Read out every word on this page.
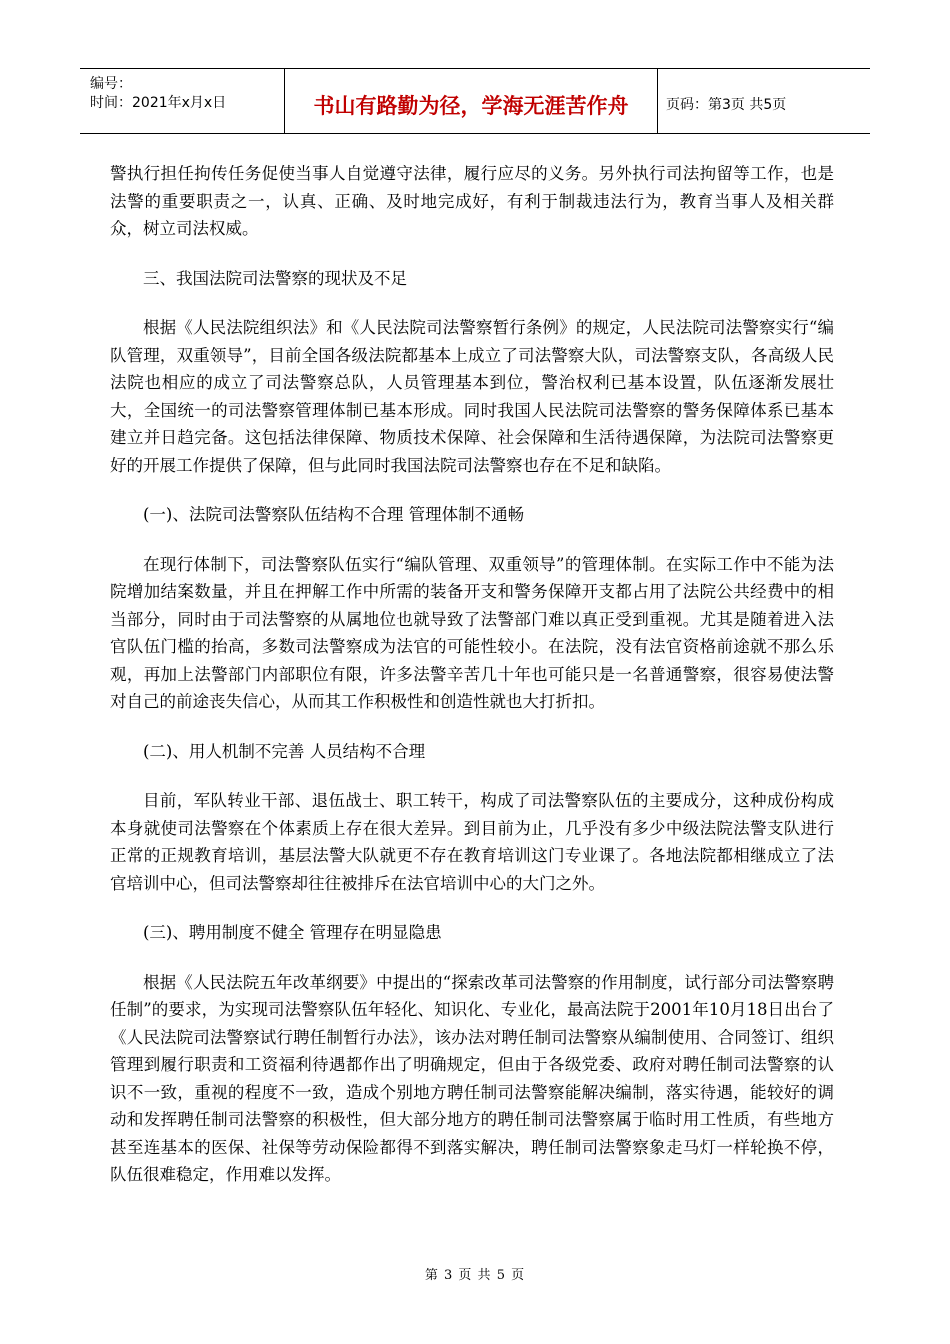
编号：
时间：2021年x月x日	书山有路勤为径，学海无涯苦作舟	页码：第3页 共5页

警执行担任拘传任务促使当事人自觉遵守法律，履行应尽的义务。另外执行司法拘留等工作，也是法警的重要职责之一，认真、正确、及时地完成好，有利于制裁违法行为，教育当事人及相关群众，树立司法权威。

三、我国法院司法警察的现状及不足

根据《人民法院组织法》和《人民法院司法警察暂行条例》的规定，人民法院司法警察实行“编队管理，双重领导”，目前全国各级法院都基本上成立了司法警察大队，司法警察支队，各高级人民法院也相应的成立了司法警察总队，人员管理基本到位，警治权利已基本设置，队伍逐渐发展壮大，全国统一的司法警察管理体制已基本形成。同时我国人民法院司法警察的警务保障体系已基本建立并日趋完备。这包括法律保障、物质技术保障、社会保障和生活待遇保障，为法院司法警察更好的开展工作提供了保障，但与此同时我国法院司法警察也存在不足和缺陷。

(一)、法院司法警察队伍结构不合理 管理体制不通畅

在现行体制下，司法警察队伍实行“编队管理、双重领导”的管理体制。在实际工作中不能为法院增加结案数量，并且在押解工作中所需的装备开支和警务保障开支都占用了法院公共经费中的相当部分，同时由于司法警察的从属地位也就导致了法警部门难以真正受到重视。尤其是随着进入法官队伍门槛的抬高，多数司法警察成为法官的可能性较小。在法院，没有法官资格前途就不那么乐观，再加上法警部门内部职位有限，许多法警辛苦几十年也可能只是一名普通警察，很容易使法警对自己的前途丧失信心，从而其工作积极性和创造性就也大打折扣。

(二)、用人机制不完善 人员结构不合理

目前，军队转业干部、退伍战士、职工转干，构成了司法警察队伍的主要成分，这种成份构成本身就使司法警察在个体素质上存在很大差异。到目前为止，几乎没有多少中级法院法警支队进行正常的正规教育培训，基层法警大队就更不存在教育培训这门专业课了。各地法院都相继成立了法官培训中心，但司法警察却往往被排斥在法官培训中心的大门之外。

(三)、聘用制度不健全 管理存在明显隐患

根据《人民法院五年改革纲要》中提出的“探索改革司法警察的作用制度，试行部分司法警察聘任制”的要求，为实现司法警察队伍年轻化、知识化、专业化，最高法院于2001年10月18日出台了《人民法院司法警察试行聘任制暂行办法》，该办法对聘任制司法警察从编制使用、合同签订、组织管理到履行职责和工资福利待遇都作出了明确规定，但由于各级党委、政府对聘任制司法警察的认识不一致，重视的程度不一致，造成个别地方聘任制司法警察能解决编制，落实待遇，能较好的调动和发挥聘任制司法警察的积极性，但大部分地方的聘任制司法警察属于临时用工性质，有些地方甚至连基本的医保、社保等劳动保险都得不到落实解决，聘任制司法警察象走马灯一样轮换不停，队伍很难稳定，作用难以发挥。

第 3 页 共 5 页
